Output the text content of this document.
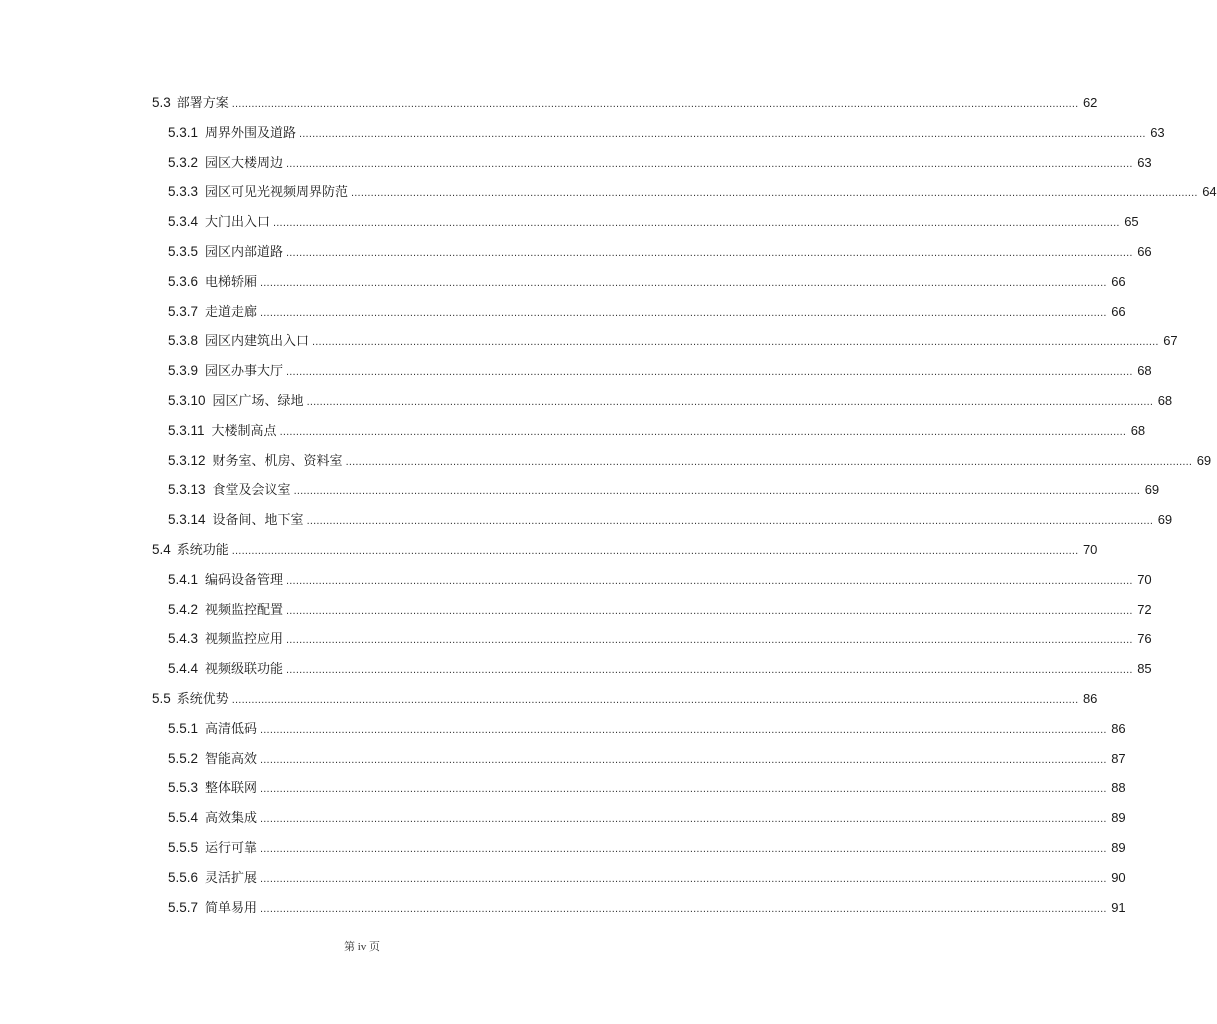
5.3 部署方案 .................................................................................................................................................................................................................................................................... 62
5.3.1 周界外围及道路 .................................................................................................................................................................................................................................................................... 63
5.3.2 园区大楼周边 .................................................................................................................................................................................................................................................................... 63
5.3.3 园区可见光视频周界防范 .................................................................................................................................................................................................................................................................... 64
5.3.4 大门出入口 .................................................................................................................................................................................................................................................................... 65
5.3.5 园区内部道路 .................................................................................................................................................................................................................................................................... 66
5.3.6 电梯轿厢 .................................................................................................................................................................................................................................................................... 66
5.3.7 走道走廊 .................................................................................................................................................................................................................................................................... 66
5.3.8 园区内建筑出入口 .................................................................................................................................................................................................................................................................... 67
5.3.9 园区办事大厅 .................................................................................................................................................................................................................................................................... 68
5.3.10 园区广场、绿地 .................................................................................................................................................................................................................................................................... 68
5.3.11 大楼制高点 .................................................................................................................................................................................................................................................................... 68
5.3.12 财务室、机房、资料室 .................................................................................................................................................................................................................................................................... 69
5.3.13 食堂及会议室 .................................................................................................................................................................................................................................................................... 69
5.3.14 设备间、地下室 .................................................................................................................................................................................................................................................................... 69
5.4 系统功能 .................................................................................................................................................................................................................................................................... 70
5.4.1 编码设备管理 .................................................................................................................................................................................................................................................................... 70
5.4.2 视频监控配置 .................................................................................................................................................................................................................................................................... 72
5.4.3 视频监控应用 .................................................................................................................................................................................................................................................................... 76
5.4.4 视频级联功能 .................................................................................................................................................................................................................................................................... 85
5.5 系统优势 .................................................................................................................................................................................................................................................................... 86
5.5.1 高清低码 .................................................................................................................................................................................................................................................................... 86
5.5.2 智能高效 .................................................................................................................................................................................................................................................................... 87
5.5.3 整体联网 .................................................................................................................................................................................................................................................................... 88
5.5.4 高效集成 .................................................................................................................................................................................................................................................................... 89
5.5.5 运行可靠 .................................................................................................................................................................................................................................................................... 89
5.5.6 灵活扩展 .................................................................................................................................................................................................................................................................... 90
5.5.7 简单易用 .................................................................................................................................................................................................................................................................... 91
第 iv 页
